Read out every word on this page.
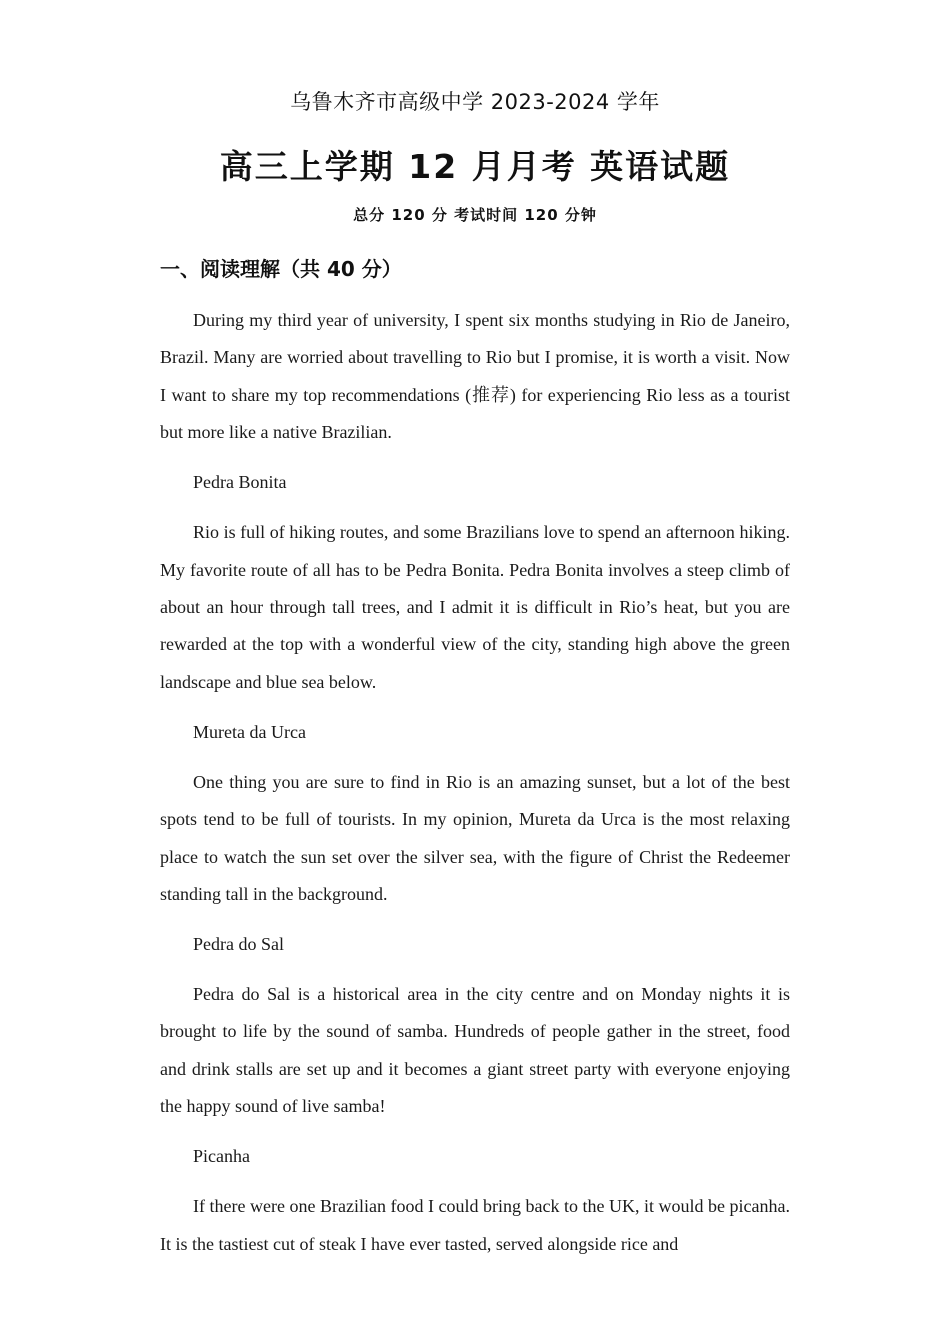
乌鲁木齐市高级中学 2023-2024 学年
高三上学期 12 月月考 英语试题
总分 120 分 考试时间 120 分钟
一、阅读理解（共 40 分）

During my third year of university, I spent six months studying in Rio de Janeiro, Brazil. Many are worried about travelling to Rio but I promise, it is worth a visit. Now I want to share my top recommendations (推荐) for experiencing Rio less as a tourist but more like a native Brazilian.

Pedra Bonita

Rio is full of hiking routes, and some Brazilians love to spend an afternoon hiking. My favorite route of all has to be Pedra Bonita. Pedra Bonita involves a steep climb of about an hour through tall trees, and I admit it is difficult in Rio’s heat, but you are rewarded at the top with a wonderful view of the city, standing high above the green landscape and blue sea below.

Mureta da Urca

One thing you are sure to find in Rio is an amazing sunset, but a lot of the best spots tend to be full of tourists. In my opinion, Mureta da Urca is the most relaxing place to watch the sun set over the silver sea, with the figure of Christ the Redeemer standing tall in the background.

Pedra do Sal

Pedra do Sal is a historical area in the city centre and on Monday nights it is brought to life by the sound of samba. Hundreds of people gather in the street, food and drink stalls are set up and it becomes a giant street party with everyone enjoying the happy sound of live samba!

Picanha

If there were one Brazilian food I could bring back to the UK, it would be picanha. It is the tastiest cut of steak I have ever tasted, served alongside rice and
